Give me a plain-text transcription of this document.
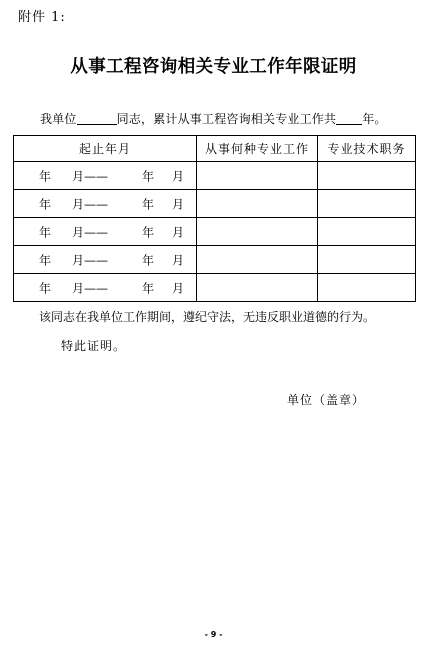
附件 1:
从事工程咨询相关专业工作年限证明
我单位	同志，累计从事工程咨询相关专业工作共 年。
起止年月	从事何种专业工作	专业技术职务

年 月—— 年 月		

年 月—— 年 月		

年 月—— 年 月		

年 月—— 年 月		

年 月—— 年 月		

该同志在我单位工作期间，遵纪守法，无违反职业道德的行为。
特此证明。
单位（盖章）
- 9 -
